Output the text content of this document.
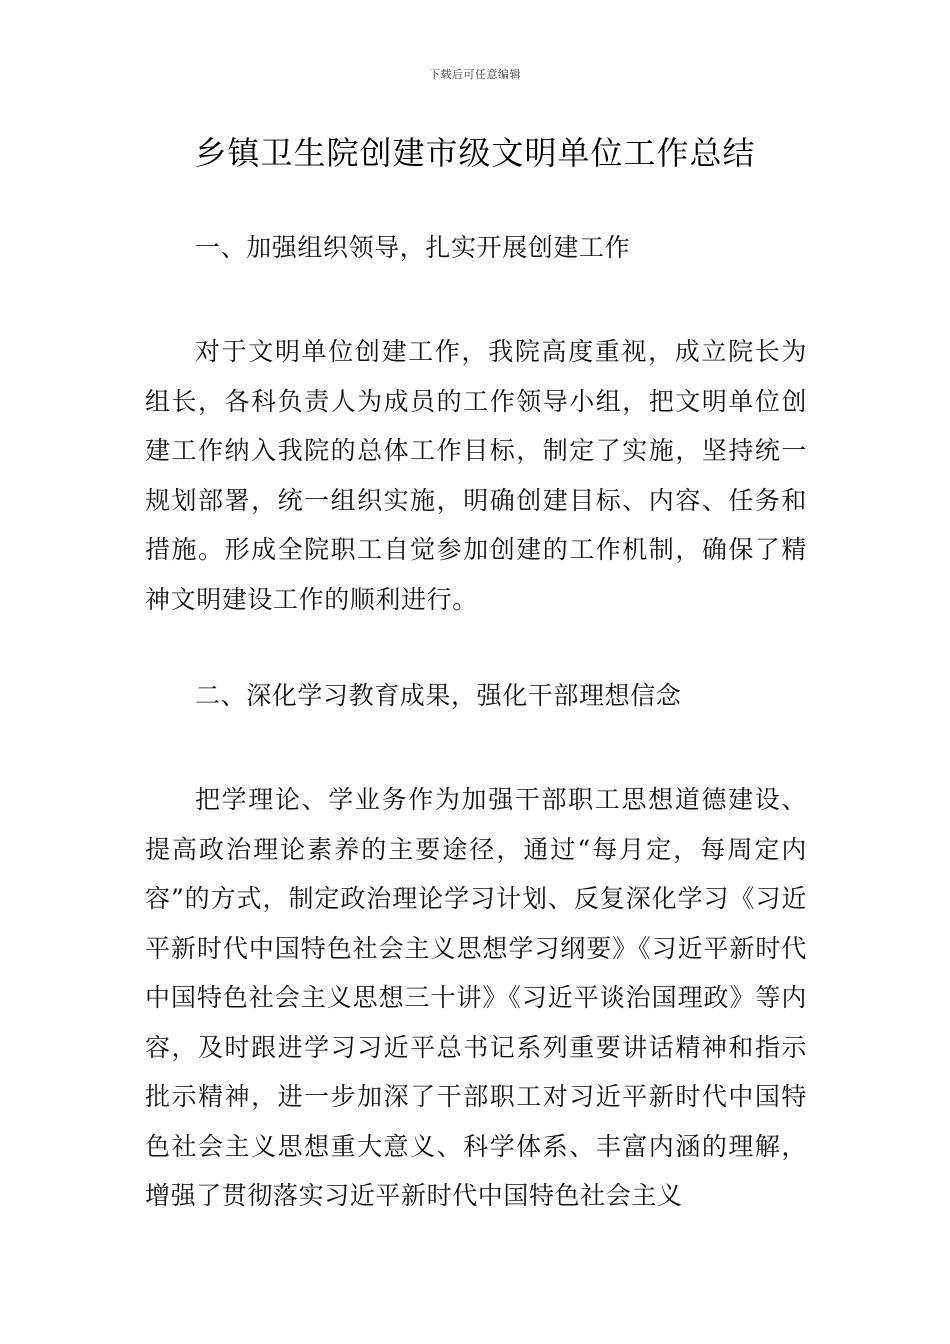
下载后可任意编辑
乡镇卫生院创建市级文明单位工作总结

一、加强组织领导，扎实开展创建工作

对于文明单位创建工作，我院高度重视，成立院长为组长，各科负责人为成员的工作领导小组，把文明单位创建工作纳入我院的总体工作目标，制定了实施，坚持统一规划部署，统一组织实施，明确创建目标、内容、任务和措施。形成全院职工自觉参加创建的工作机制，确保了精神文明建设工作的顺利进行。

二、深化学习教育成果，强化干部理想信念

把学理论、学业务作为加强干部职工思想道德建设、提高政治理论素养的主要途径，通过“每月定，每周定内容”的方式，制定政治理论学习计划、反复深化学习《习近平新时代中国特色社会主义思想学习纲要》《习近平新时代中国特色社会主义思想三十讲》《习近平谈治国理政》等内容，及时跟进学习习近平总书记系列重要讲话精神和指示批示精神，进一步加深了干部职工对习近平新时代中国特色社会主义思想重大意义、科学体系、丰富内涵的理解，增强了贯彻落实习近平新时代中国特色社会主义
